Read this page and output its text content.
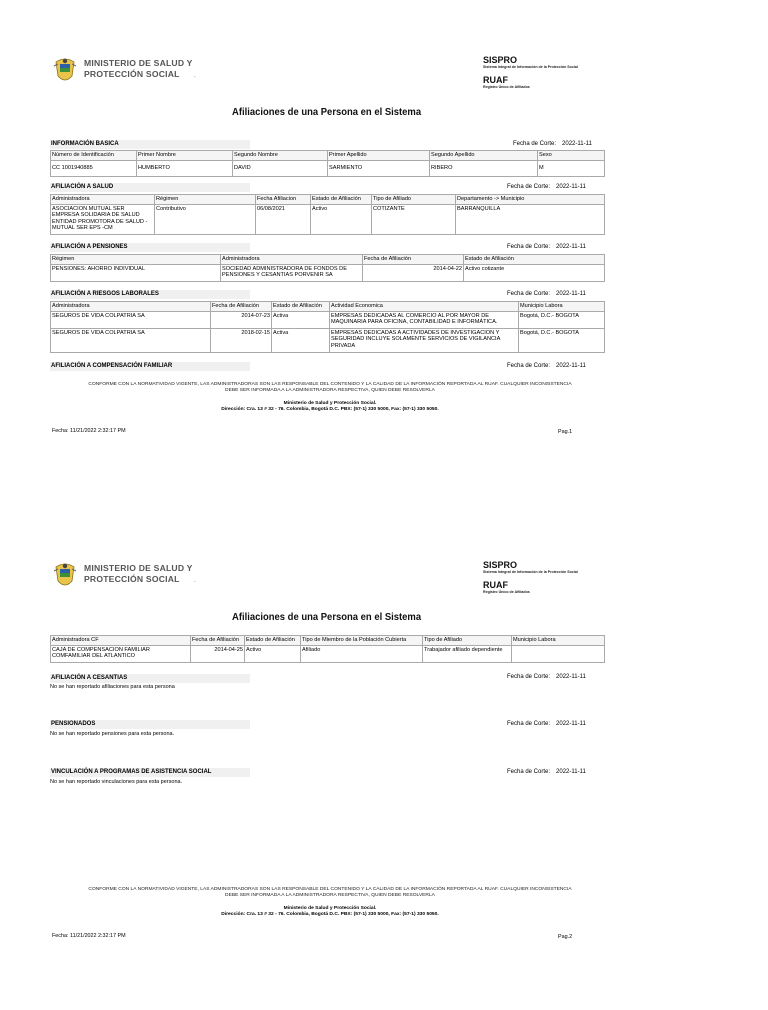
MINISTERIO DE SALUD Y
PROTECCIÓN SOCIAL .
SISPRO
Sistema Integral de Información de la Protección Social
RUAF
Registro Único de Afiliados
Afiliaciones de una Persona en el Sistema
INFORMACIÓN BASICA	Fecha de Corte: 2022-11-11
Número de Identificación	Primer Nombre	Segundo Nombre	Primer Apellido	Segundo Apellido	Sexo
CC 1001940885	HUMBERTO	DAVID	SARMIENTO	RIBERO	M
AFILIACIÓN A SALUD	Fecha de Corte: 2022-11-11
Administradora	Régimen	Fecha Afiliacion	Estado de Afiliación	Tipo de Afiliado	Departamento -> Municipio
ASOCIACION MUTUAL SER EMPRESA SOLIDARIA DE SALUD ENTIDAD PROMOTORA DE SALUD - MUTUAL SER EPS -CM	Contributivo	06/08/2021	Activo	COTIZANTE	BARRANQUILLA
AFILIACIÓN A PENSIONES	Fecha de Corte: 2022-11-11
Régimen	Administradora	Fecha de Afiliación	Estado de Afiliación
PENSIONES: AHORRO INDIVIDUAL	SOCIEDAD ADMINISTRADORA DE FONDOS DE PENSIONES Y CESANTIAS PORVENIR SA	2014-04-22	Activo cotizante
AFILIACIÓN A RIESGOS LABORALES	Fecha de Corte: 2022-11-11
Administradora	Fecha de Afiliación	Estado de Afiliación	Actividad Economica	Municipio Labora
SEGUROS DE VIDA COLPATRIA SA	2014-07-23	Activa	EMPRESAS DEDICADAS AL COMERCIO AL POR MAYOR DE MAQUINARIA PARA OFICINA, CONTABILIDAD E INFORMÁTICA.	Bogotá, D.C.- BOGOTA
SEGUROS DE VIDA COLPATRIA SA	2018-02-15	Activa	EMPRESAS DEDICADAS A ACTIVIDADES DE INVESTIGACION Y SEGURIDAD INCLUYE SOLAMENTE SERVICIOS DE VIGILANCIA PRIVADA	Bogotá, D.C.- BOGOTA
AFILIACIÓN A COMPENSACIÓN FAMILIAR	Fecha de Corte: 2022-11-11
CONFORME CON LA NORMATIVIDAD VIGENTE, LAS ADMINISTRADORAS SON LAS RESPONSABLE DEL CONTENIDO Y LA CALIDAD DE LA INFORMACIÓN REPORTADA AL RUAF. CUALQUIER INCONSISTENCIA
DEBE SER INFORMADA A LA ADMINISTRADORA RESPECTIVA, QUIEN DEBE RESOLVERLA
Ministerio de Salud y Protección Social.
Dirección: Cra. 13 # 32 - 76. Colombia, Bogotá D.C. PBX: (57-1) 330 5000, Fax: (57-1) 330 5050.
Fecha: 11/21/2022 2:32:17 PM	Pag.1
MINISTERIO DE SALUD Y
PROTECCIÓN SOCIAL .
SISPRO
Sistema Integral de Información de la Protección Social
RUAF
Registro Único de Afiliados
Afiliaciones de una Persona en el Sistema
Administradora CF	Fecha de Afiliación	Estado de Afiliación	Tipo de Miembro de la Población Cubierta	Tipo de Afiliado	Municipio Labora
CAJA DE COMPENSACION FAMILIAR COMFAMILIAR DEL ATLANTICO	2014-04-25	Activo	Afiliado	Trabajador afiliado dependiente	
AFILIACIÓN A CESANTIAS	Fecha de Corte: 2022-11-11
No se han reportado afiliaciones para esta persona
PENSIONADOS	Fecha de Corte: 2022-11-11
No se han reportado pensiones para esta persona.
VINCULACIÓN A PROGRAMAS DE ASISTENCIA SOCIAL	Fecha de Corte: 2022-11-11
No se han reportado vinculaciones para esta persona.
CONFORME CON LA NORMATIVIDAD VIGENTE, LAS ADMINISTRADORAS SON LAS RESPONSABLE DEL CONTENIDO Y LA CALIDAD DE LA INFORMACIÓN REPORTADA AL RUAF. CUALQUIER INCONSISTENCIA
DEBE SER INFORMADA A LA ADMINISTRADORA RESPECTIVA, QUIEN DEBE RESOLVERLA
Ministerio de Salud y Protección Social.
Dirección: Cra. 13 # 32 - 76. Colombia, Bogotá D.C. PBX: (57-1) 330 5000, Fax: (57-1) 330 5050.
Fecha: 11/21/2022 2:32:17 PM	Pag.2
